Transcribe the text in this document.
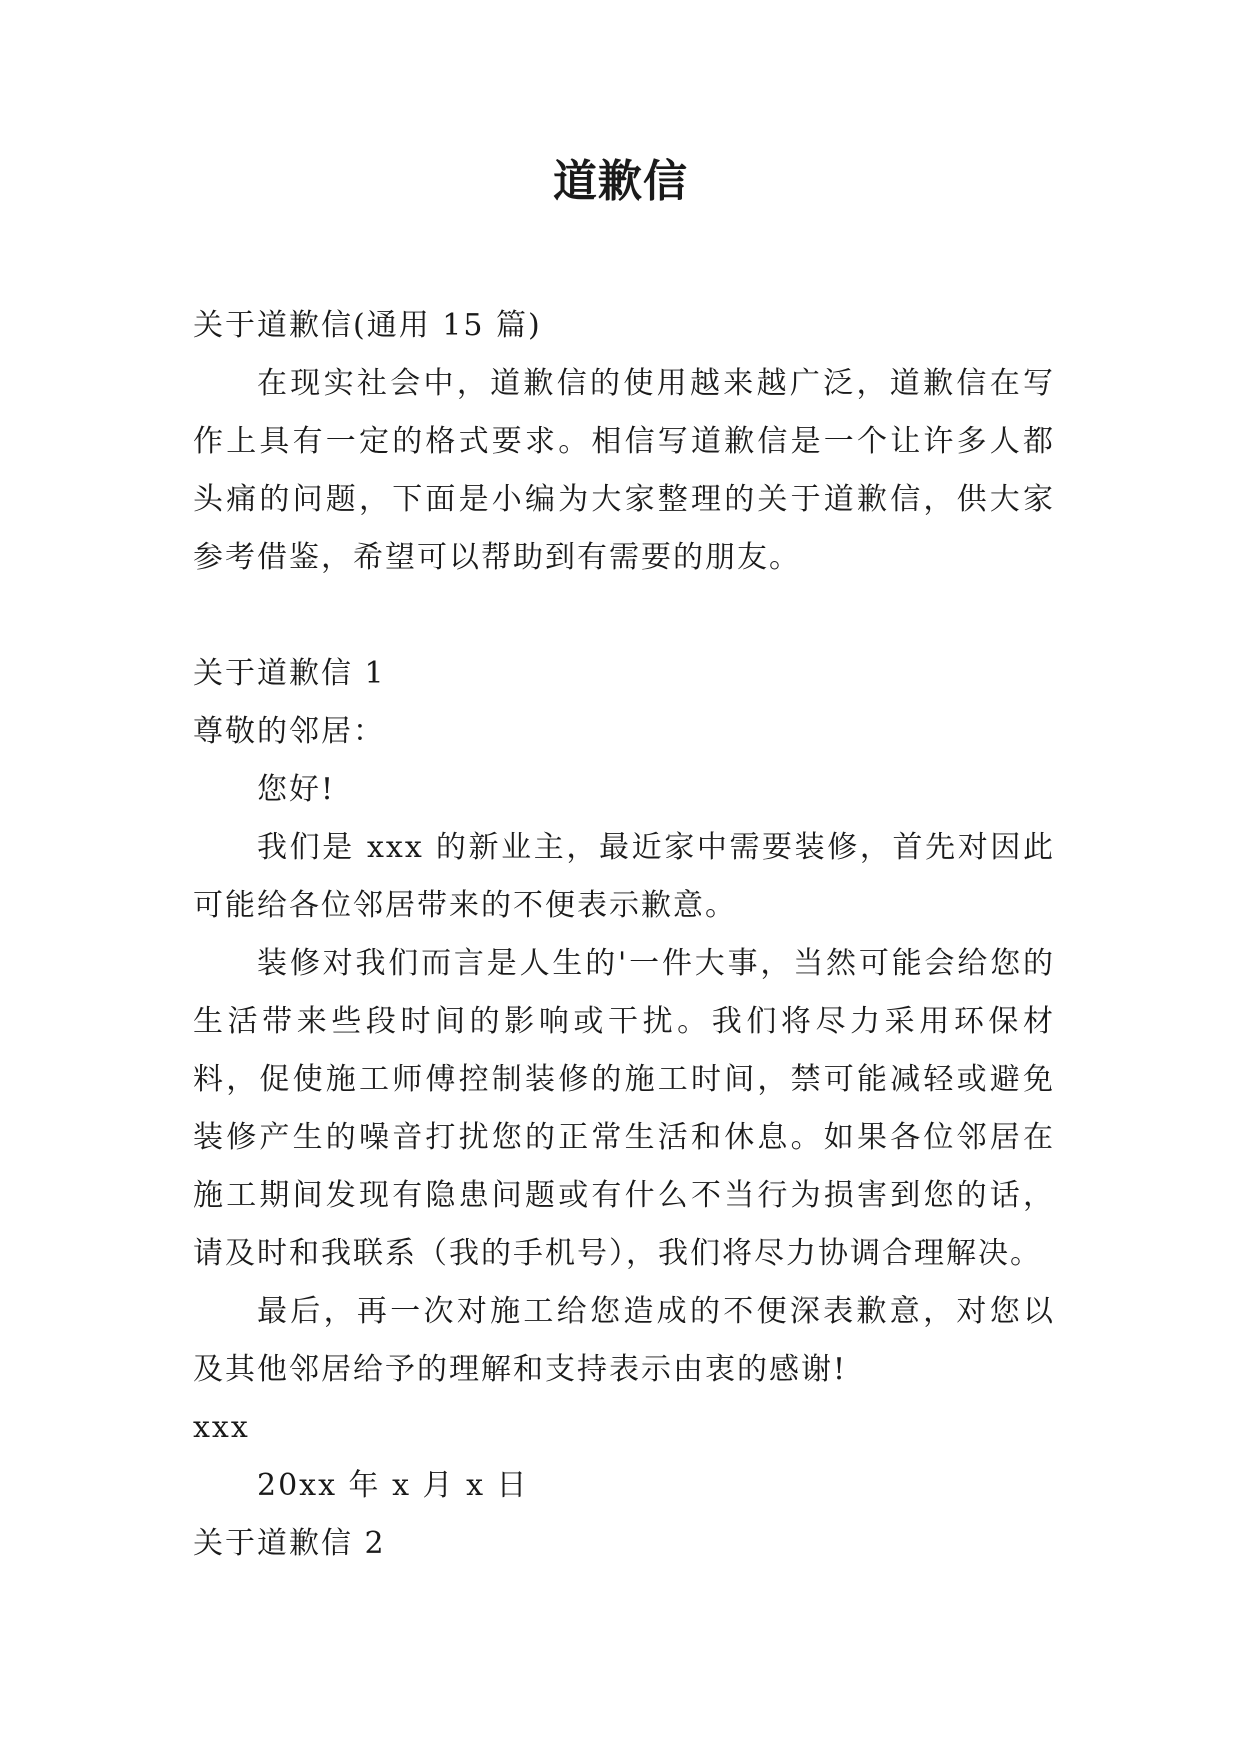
道歉信

关于道歉信(通用 15 篇)

在现实社会中，道歉信的使用越来越广泛，道歉信在写作上具有一定的格式要求。相信写道歉信是一个让许多人都头痛的问题，下面是小编为大家整理的关于道歉信，供大家参考借鉴，希望可以帮助到有需要的朋友。

关于道歉信 1

尊敬的邻居：

您好!

我们是 xxx 的新业主，最近家中需要装修，首先对因此可能给各位邻居带来的不便表示歉意。

装修对我们而言是人生的'一件大事，当然可能会给您的生活带来些段时间的影响或干扰。我们将尽力采用环保材料，促使施工师傅控制装修的施工时间，禁可能减轻或避免装修产生的噪音打扰您的正常生活和休息。如果各位邻居在施工期间发现有隐患问题或有什么不当行为损害到您的话，请及时和我联系（我的手机号），我们将尽力协调合理解决。

最后，再一次对施工给您造成的不便深表歉意，对您以及其他邻居给予的理解和支持表示由衷的感谢!

xxx

20xx 年 x 月 x 日

关于道歉信 2
